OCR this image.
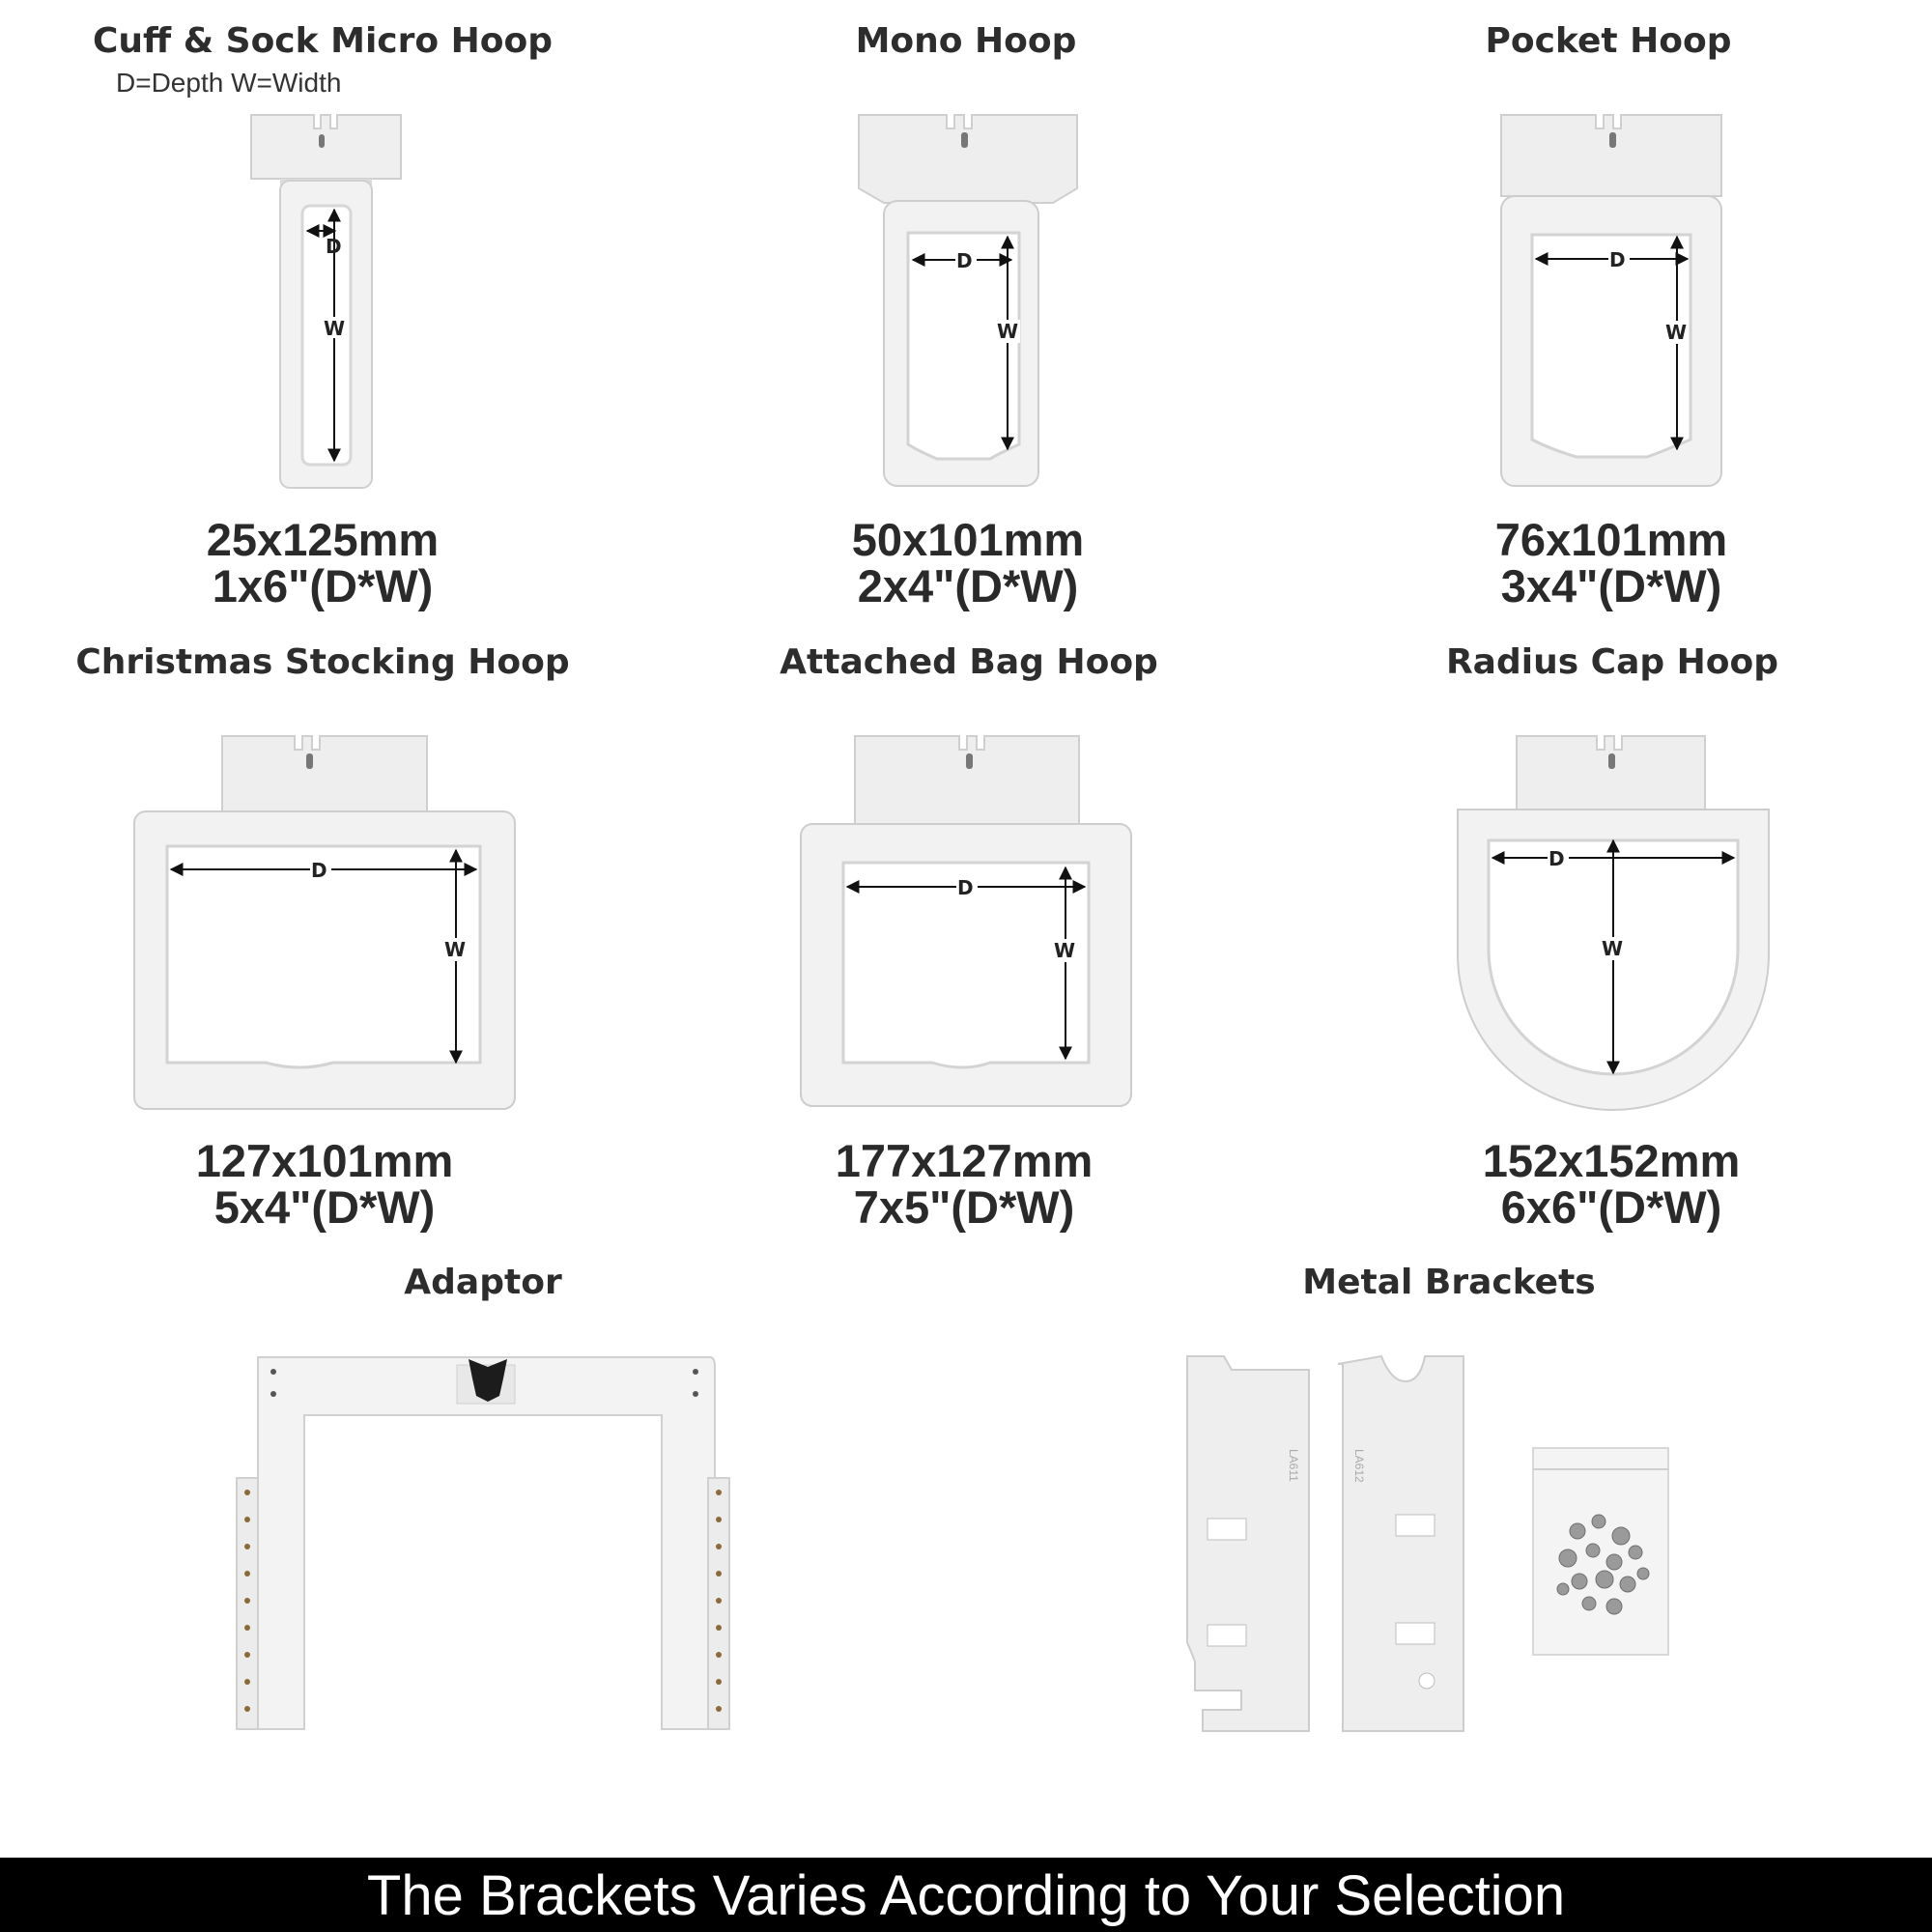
Cuff & Sock Micro Hoop
D=Depth W=Width
Mono Hoop	Pocket Hoop
Christmas Stocking Hoop	Attached Bag Hoop	Radius Cap Hoop
Adaptor	Metal Brackets
25x125mm
1x6"(D*W)
50x101mm
2x4"(D*W)
76x101mm
3x4"(D*W)
127x101mm
5x4"(D*W)
177x127mm
7x5"(D*W)
152x152mm
6x6"(D*W)
D
W
D
W
D
W
D
W
D
W
D
W
LA611	LA612
The Brackets Varies According to Your Selection
